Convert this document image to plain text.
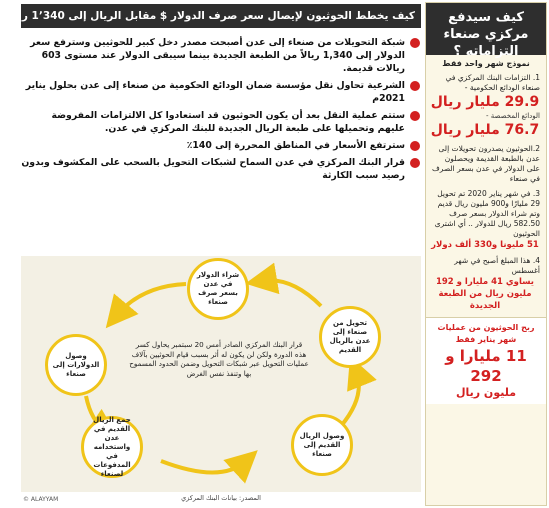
كيف يخطط الحوثيون لإيصال سعر صرف الدولار $ مقابل الريال إلى 1٬340 ريالاً؟
شبكة التحويلات من صنعاء إلى عدن أصبحت مصدر دخل كبير للحوثيين وسترفع سعر الدولار إلى 1,340 ريالاً من الطبعة الجديدة بينما سيبقى الدولار عند مستوى 603 ريالات قديمة.
الشرعية تحاول نقل مؤسسة ضمان الودائع الحكومية من صنعاء إلى عدن بحلول يناير 2021م
ستتم عملية النقل بعد أن يكون الحوثيون قد استعادوا كل الالتزامات المفروضة عليهم وتحميلها على طبعة الريال الجديدة للبنك المركزي في عدن.
سترتفع الأسعار في المناطق المحررة إلى 140٪
قرار البنك المركزي في عدن السماح لشبكات التحويل بالسحب على المكشوف وبدون رصيد سبب الكارثة
شراء الدولار في عدن بسعر صرف صنعاء
تحويل من صنعاء إلى عدن بالريال القديم
وصول الريال القديم إلى صنعاء
جمع الريال القديم في عدن واستخدامه في المدفوعات لصنعاء
وصول الدولارات إلى صنعاء
قرار البنك المركزي الصادر أمس 20 سبتمبر يحاول كسر هذه الدورة ولكن لن يكون له أثر بسبب قيام الحوثيين بآلاف عمليات التحويل عبر شبكات التحويل وضمن الحدود المسموح بها وتنفذ نفس الغرض
المصدر: بيانات البنك المركزي
© ALAYYAM
كيف سيدفع مركزي صنعاء التزاماته ؟
نموذج شهر واحد فقط
1. التزامات البنك المركزي في صنعاء الودائع الحكومية -
29.9 مليار ريال
الودائع المخصصة -
76.7 مليار ريال
2.الحوثيون يصدرون تحويلات إلى عدن بالطبعة القديمة ويحصلون على الدولار في عدن بسعر الصرف في صنعاء
3. في شهر يناير 2020 تم تحويل 29 مليارًا و900 مليون ريال قديم وتم شراء الدولار بسعر صرف 582.50 ريال للدولار .. أي اشترى الحوثيون
51 مليونا و330 ألف دولار
4. هذا المبلغ أصبح في شهر أغسطس
يساوي 41 مليارا و 192 مليون ريال من الطبعة الجديدة
ربح الحوثيون من عمليات شهر يناير فقط
11 مليارا و 292
مليون ريال
